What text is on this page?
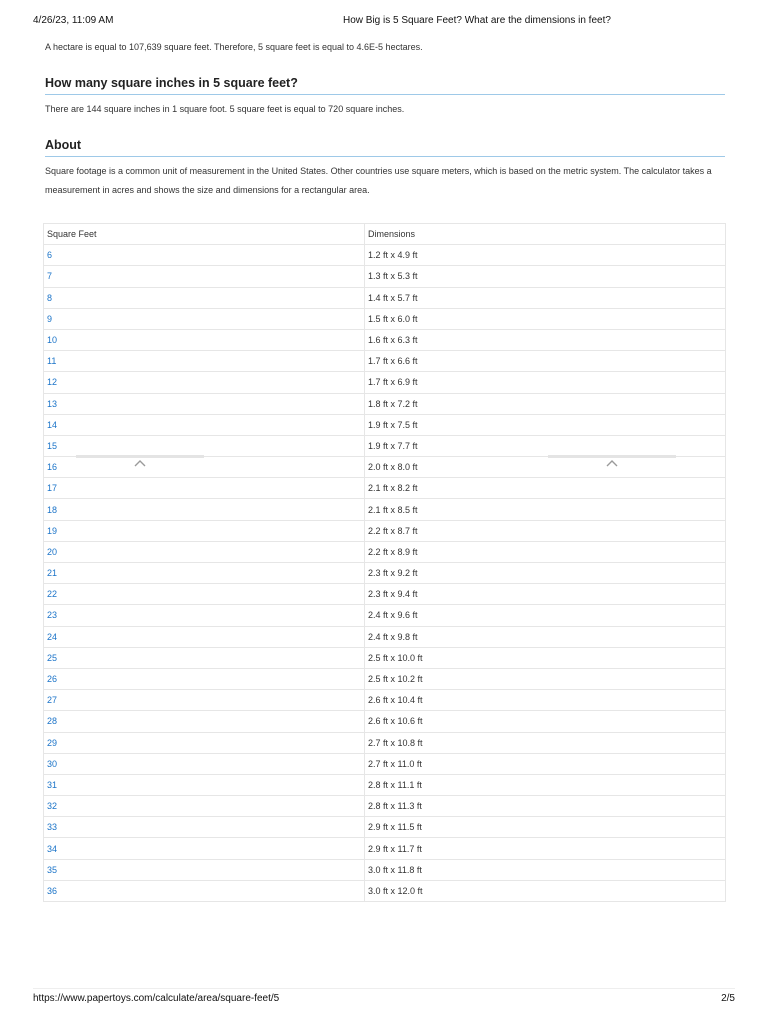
4/26/23, 11:09 AM	How Big is 5 Square Feet? What are the dimensions in feet?

A hectare is equal to 107,639 square feet. Therefore, 5 square feet is equal to 4.6E-5 hectares.

How many square inches in 5 square feet?

There are 144 square inches in 1 square foot. 5 square feet is equal to 720 square inches.

About

Square footage is a common unit of measurement in the United States. Other countries use square meters, which is based on the metric system. The calculator takes a measurement in acres and shows the size and dimensions for a rectangular area.

Square Feet	Dimensions
6	1.2 ft x 4.9 ft
7	1.3 ft x 5.3 ft
8	1.4 ft x 5.7 ft
9	1.5 ft x 6.0 ft
10	1.6 ft x 6.3 ft
11	1.7 ft x 6.6 ft
12	1.7 ft x 6.9 ft
13	1.8 ft x 7.2 ft
14	1.9 ft x 7.5 ft
15	1.9 ft x 7.7 ft
16	2.0 ft x 8.0 ft
17	2.1 ft x 8.2 ft
18	2.1 ft x 8.5 ft
19	2.2 ft x 8.7 ft
20	2.2 ft x 8.9 ft
21	2.3 ft x 9.2 ft
22	2.3 ft x 9.4 ft
23	2.4 ft x 9.6 ft
24	2.4 ft x 9.8 ft
25	2.5 ft x 10.0 ft
26	2.5 ft x 10.2 ft
27	2.6 ft x 10.4 ft
28	2.6 ft x 10.6 ft
29	2.7 ft x 10.8 ft
30	2.7 ft x 11.0 ft
31	2.8 ft x 11.1 ft
32	2.8 ft x 11.3 ft
33	2.9 ft x 11.5 ft
34	2.9 ft x 11.7 ft
35	3.0 ft x 11.8 ft
36	3.0 ft x 12.0 ft
https://www.papertoys.com/calculate/area/square-feet/5	2/5
